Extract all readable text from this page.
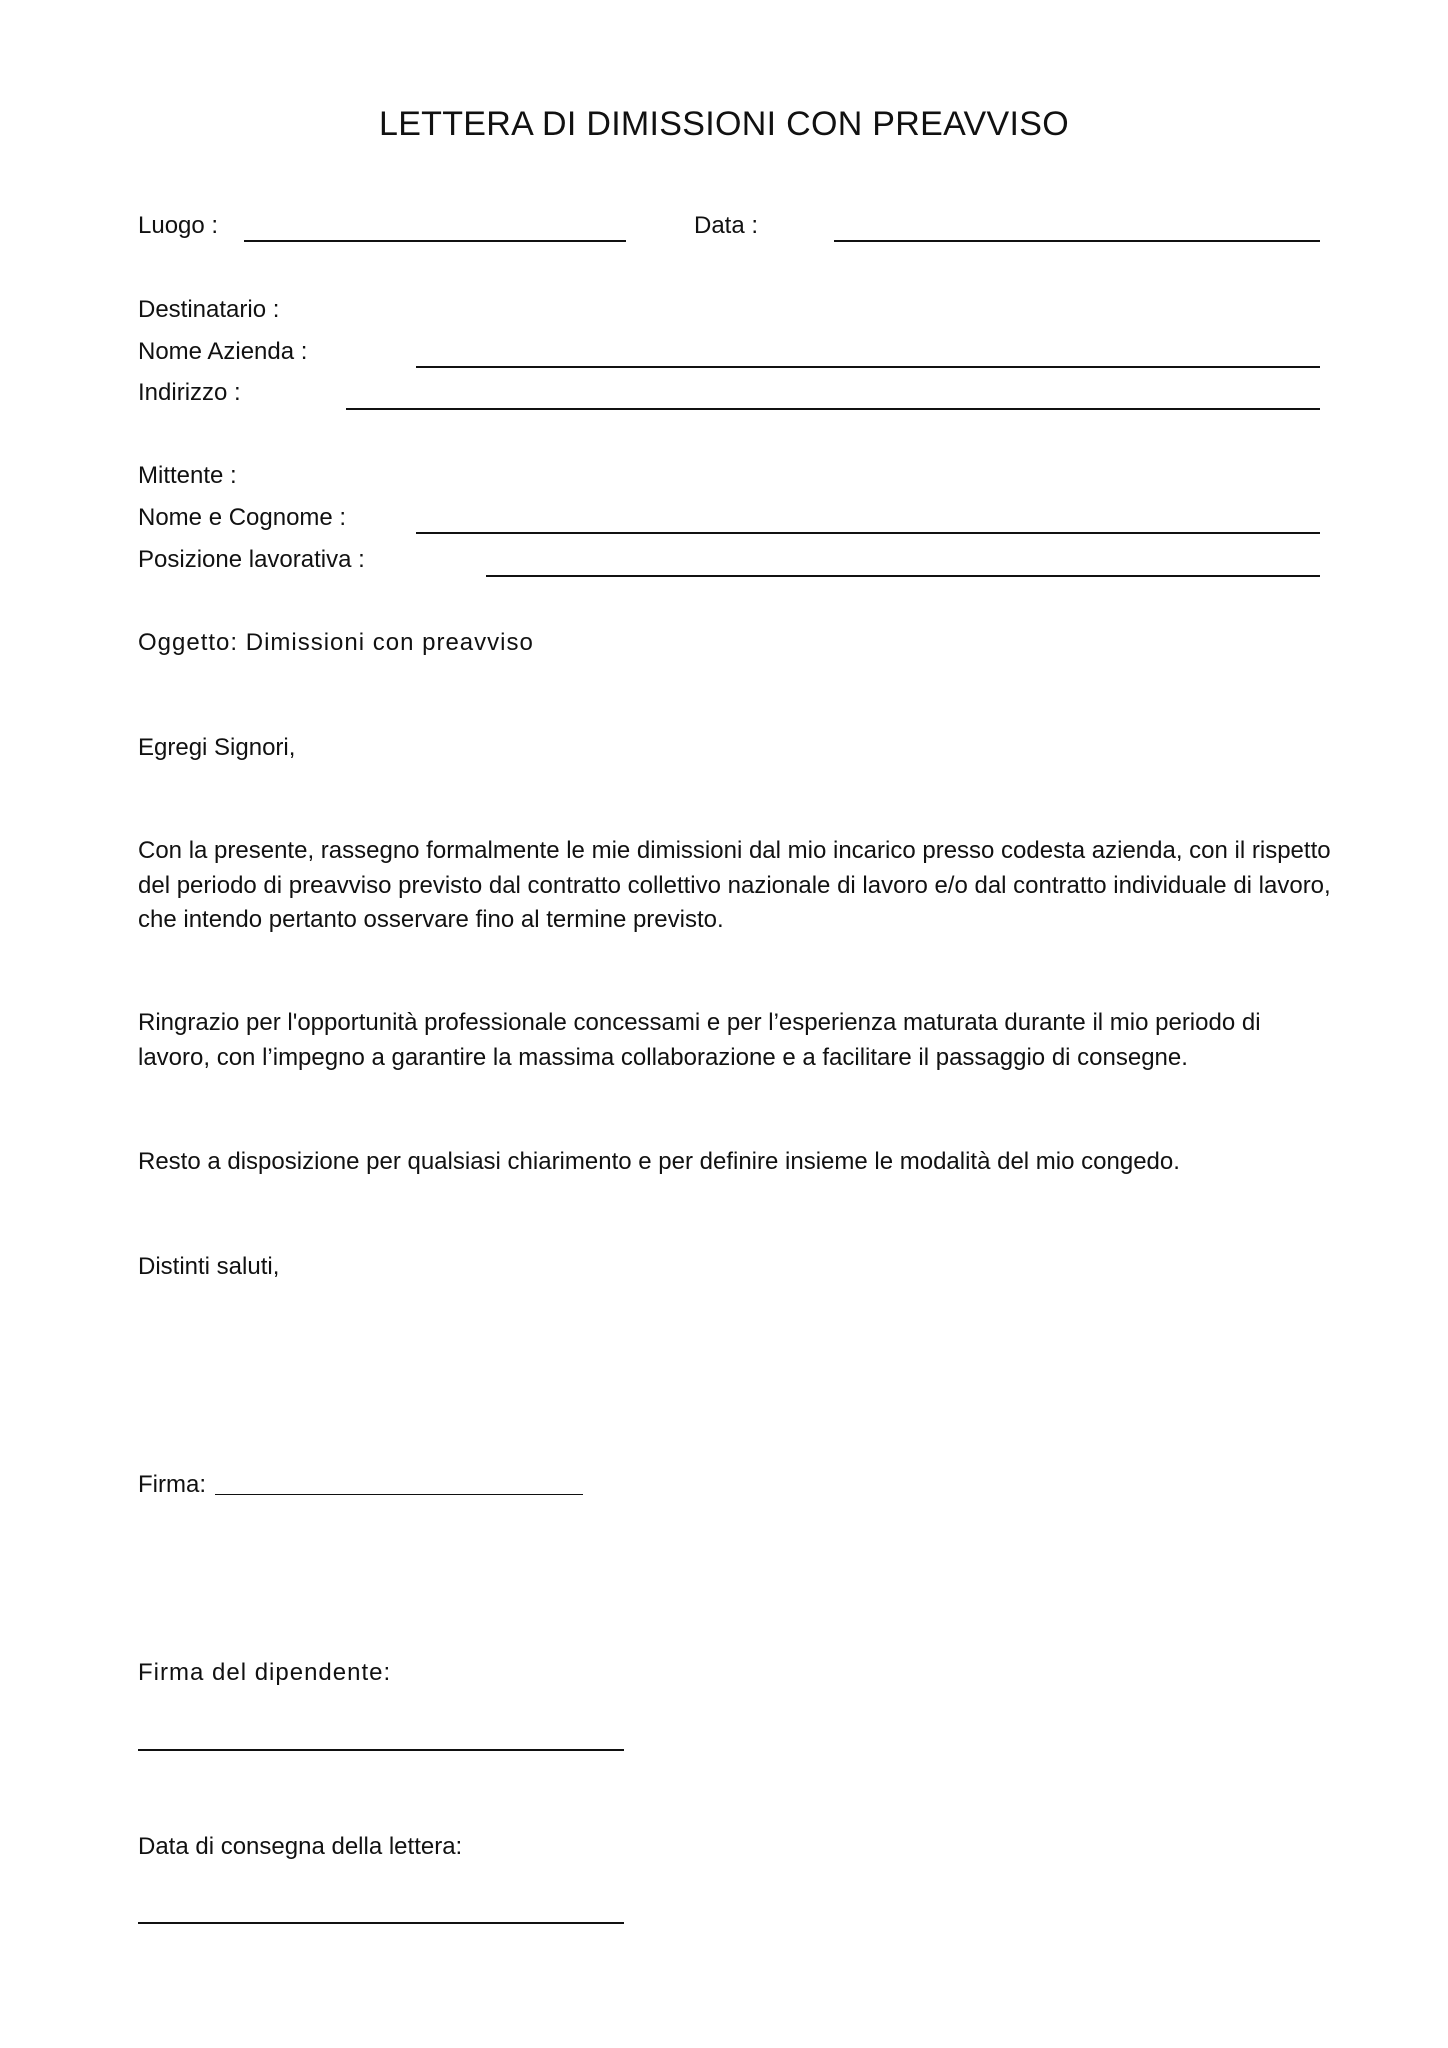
LETTERA DI DIMISSIONI CON PREAVVISO
Luogo :	Data :
Destinatario :
Nome Azienda :
Indirizzo :
Mittente :
Nome e Cognome :
Posizione lavorativa :
Oggetto: Dimissioni con preavviso
Egregi Signori,
Con la presente, rassegno formalmente le mie dimissioni dal mio incarico presso codesta azienda, con il rispetto del periodo di preavviso previsto dal contratto collettivo nazionale di lavoro e/o dal contratto individuale di lavoro, che intendo pertanto osservare fino al termine previsto.
Ringrazio per l'opportunità professionale concessami e per l’esperienza maturata durante il mio periodo di lavoro, con l’impegno a garantire la massima collaborazione e a facilitare il passaggio di consegne.
Resto a disposizione per qualsiasi chiarimento e per definire insieme le modalità del mio congedo.
Distinti saluti,
Firma:
Firma del dipendente:
Data di consegna della lettera:
